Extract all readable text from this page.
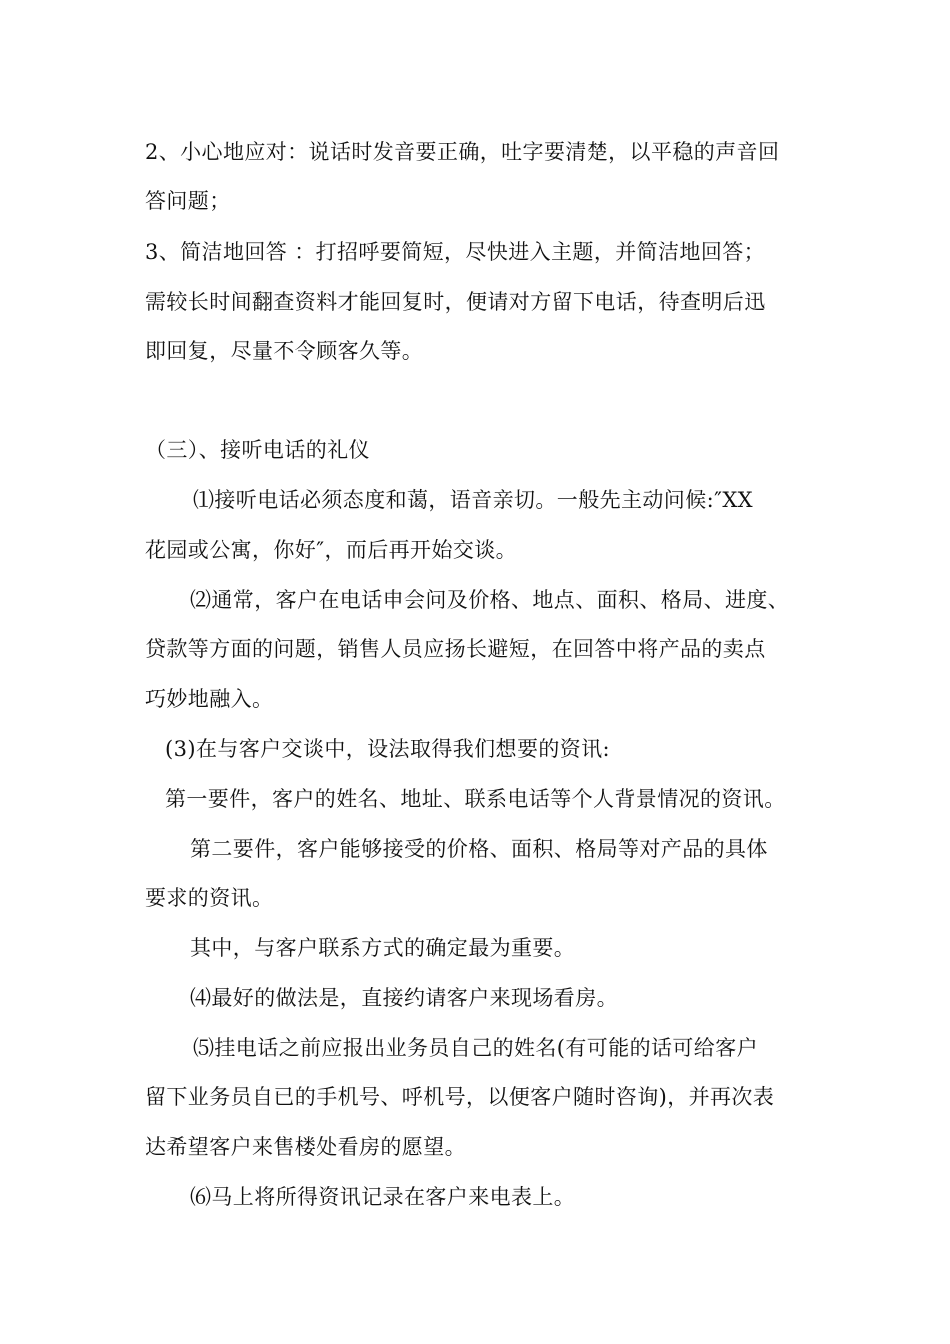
2、小心地应对：说话时发音要正确，吐字要清楚，以平稳的声音回
答问题；
3、简洁地回答 ：打招呼要简短，尽快进入主题，并简洁地回答；
需较长时间翻查资料才能回复时，便请对方留下电话，待查明后迅
即回复，尽量不令顾客久等。
（三）、接听电话的礼仪
⑴接听电话必须态度和蔼，语音亲切。一般先主动问候:″XX
花园或公寓，你好″，而后再开始交谈。
⑵通常，客户在电话申会问及价格、地点、面积、格局、进度、
贷款等方面的问题，销售人员应扬长避短，在回答中将产品的卖点
巧妙地融入。
(3)在与客户交谈中，设法取得我们想要的资讯:
第一要件，客户的姓名、地址、联系电话等个人背景情况的资讯。
第二要件，客户能够接受的价格、面积、格局等对产品的具体
要求的资讯。
其中，与客户联系方式的确定最为重要。
⑷最好的做法是，直接约请客户来现场看房。
⑸挂电话之前应报出业务员自己的姓名(有可能的话可给客户
留下业务员自已的手机号、呼机号，以便客户随时咨询)，并再次表
达希望客户来售楼处看房的愿望。
⑹马上将所得资讯记录在客户来电表上。
